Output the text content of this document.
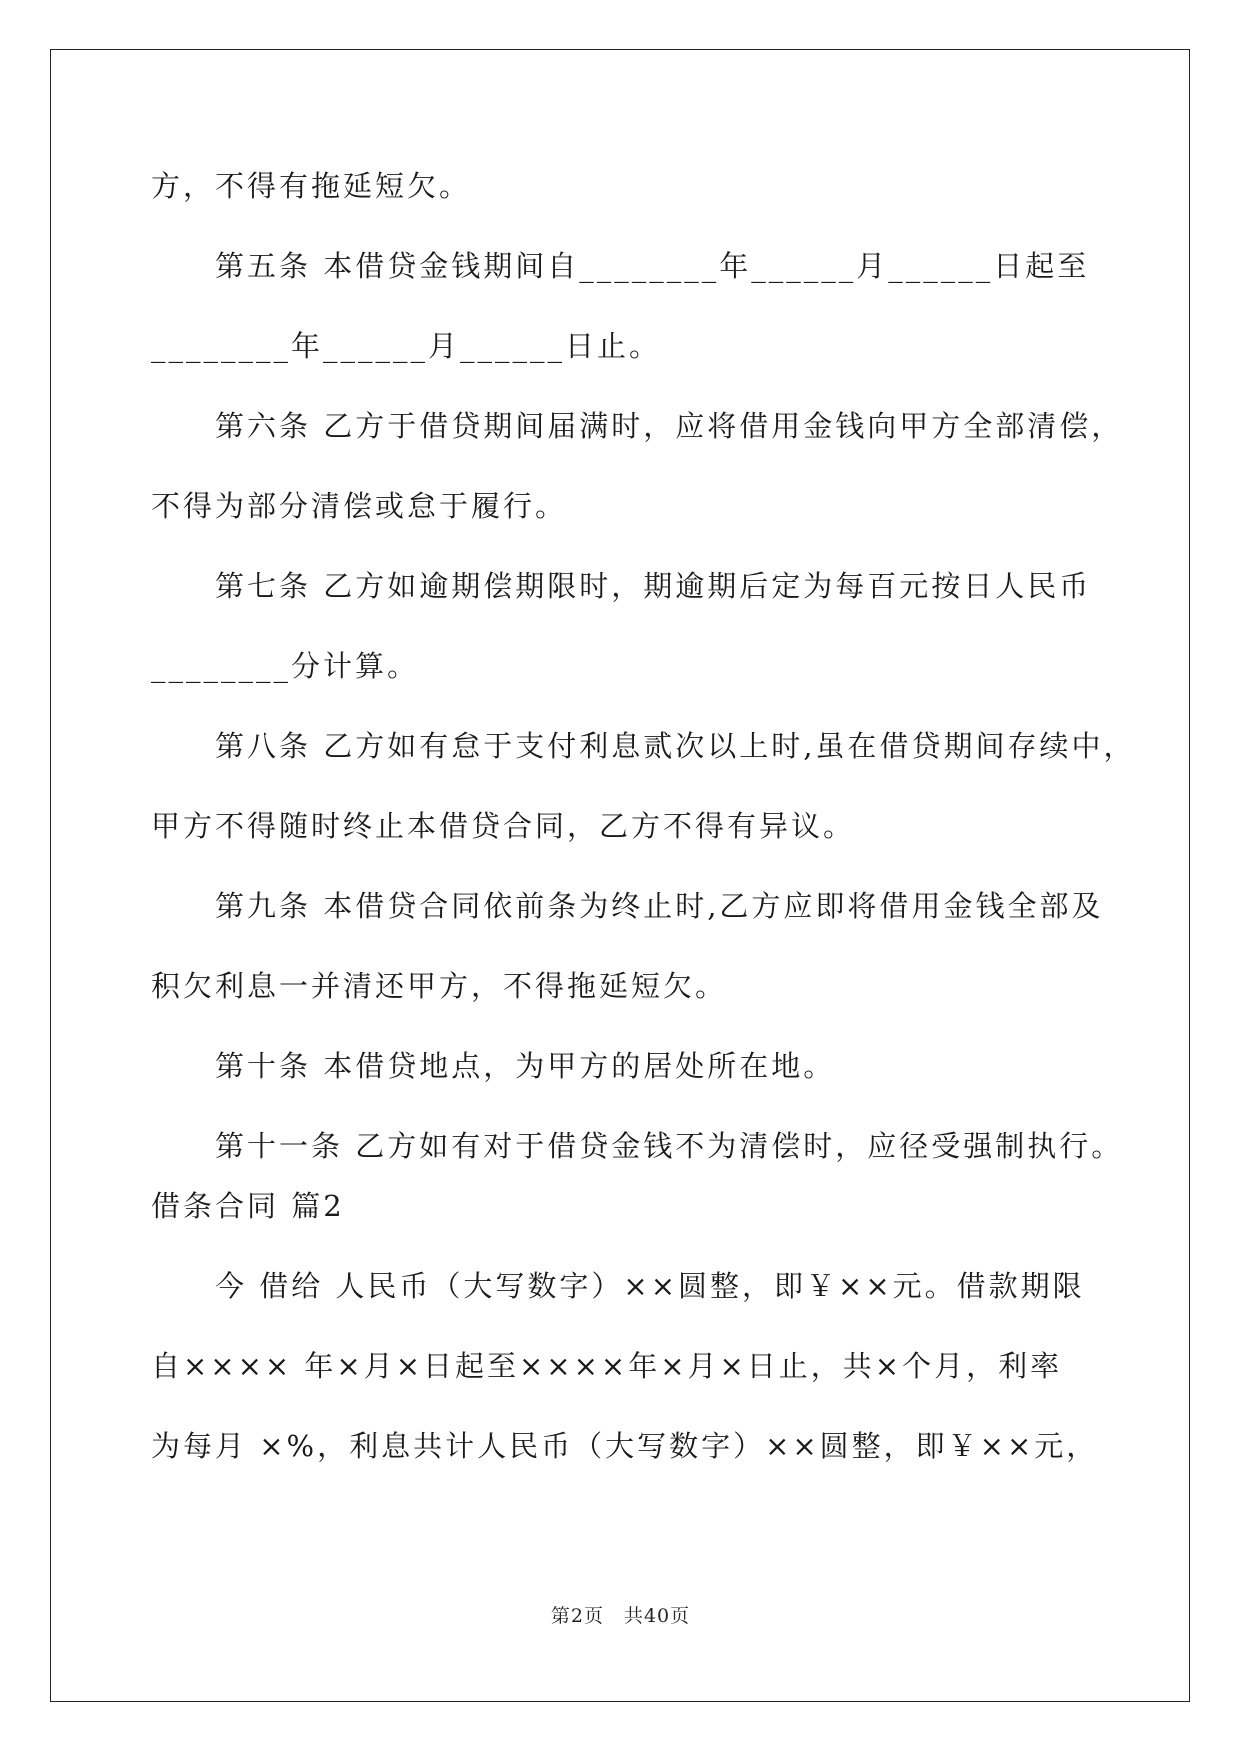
方，不得有拖延短欠。
第五条 本借贷金钱期间自________年______月______日起至
________年______月______日止。
第六条 乙方于借贷期间届满时，应将借用金钱向甲方全部清偿，
不得为部分清偿或怠于履行。
第七条 乙方如逾期偿期限时，期逾期后定为每百元按日人民币
________分计算。
第八条 乙方如有怠于支付利息贰次以上时,虽在借贷期间存续中，
甲方不得随时终止本借贷合同，乙方不得有异议。
第九条 本借贷合同依前条为终止时,乙方应即将借用金钱全部及
积欠利息一并清还甲方，不得拖延短欠。
第十条 本借贷地点，为甲方的居处所在地。
第十一条 乙方如有对于借贷金钱不为清偿时，应径受强制执行。
借条合同 篇2
今 借给 人民币（大写数字）××圆整，即￥××元。借款期限
自×××× 年×月×日起至××××年×月×日止，共×个月，利率
为每月 ×%，利息共计人民币（大写数字）××圆整，即￥××元，
第2页　共40页
